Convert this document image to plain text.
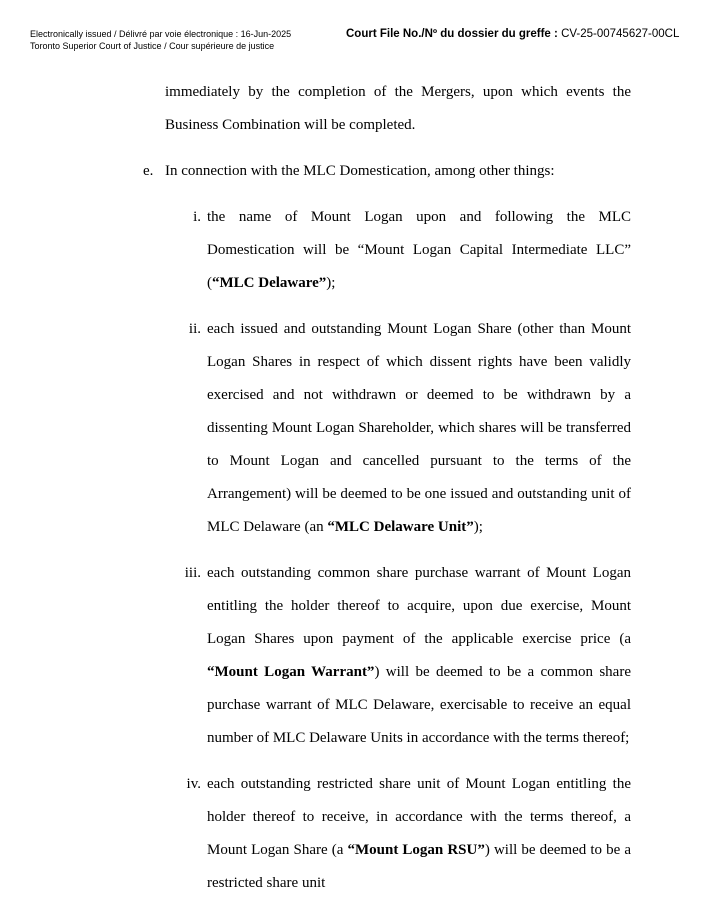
Electronically issued / Délivré par voie électronique : 16-Jun-2025
Toronto Superior Court of Justice / Cour supérieure de justice
Court File No./Nº du dossier du greffe : CV-25-00745627-00CL

immediately by the completion of the Mergers, upon which events the Business Combination will be completed.

e. In connection with the MLC Domestication, among other things:

i. the name of Mount Logan upon and following the MLC Domestication will be “Mount Logan Capital Intermediate LLC” (“MLC Delaware”);

ii. each issued and outstanding Mount Logan Share (other than Mount Logan Shares in respect of which dissent rights have been validly exercised and not withdrawn or deemed to be withdrawn by a dissenting Mount Logan Shareholder, which shares will be transferred to Mount Logan and cancelled pursuant to the terms of the Arrangement) will be deemed to be one issued and outstanding unit of MLC Delaware (an “MLC Delaware Unit”);

iii. each outstanding common share purchase warrant of Mount Logan entitling the holder thereof to acquire, upon due exercise, Mount Logan Shares upon payment of the applicable exercise price (a “Mount Logan Warrant”) will be deemed to be a common share purchase warrant of MLC Delaware, exercisable to receive an equal number of MLC Delaware Units in accordance with the terms thereof;

iv. each outstanding restricted share unit of Mount Logan entitling the holder thereof to receive, in accordance with the terms thereof, a Mount Logan Share (a “Mount Logan RSU”) will be deemed to be a restricted share unit
